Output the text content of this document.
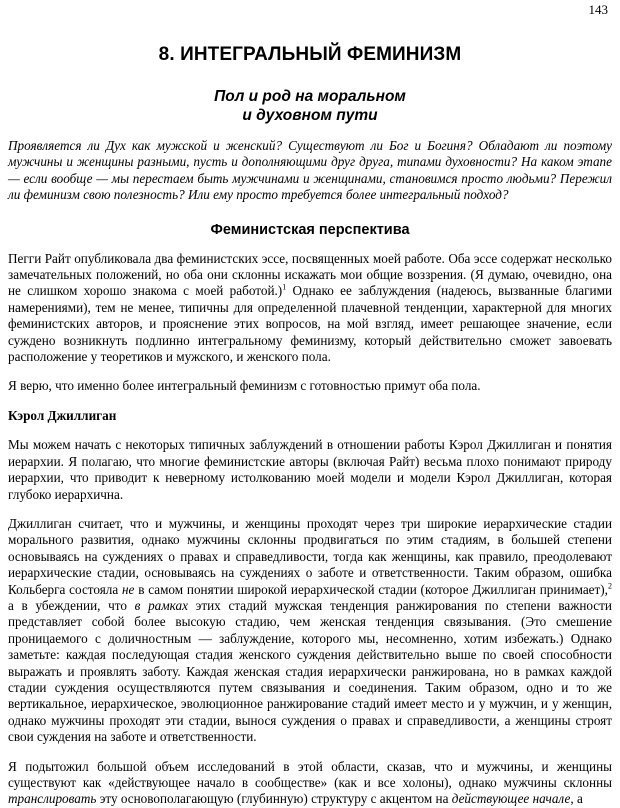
143
8. ИНТЕГРАЛЬНЫЙ ФЕМИНИЗМ
Пол и род на моральном
и духовном пути

Проявляется ли Дух как мужской и женский? Существуют ли Бог и Богиня? Обладают ли поэтому мужчины и женщины разными, пусть и дополняющими друг друга, типами духовности? На каком этапе — если вообще — мы перестаем быть мужчинами и женщинами, становимся просто людьми? Пережил ли феминизм свою полезность? Или ему просто требуется более интегральный подход?

Феминистская перспектива

Пегги Райт опубликовала два феминистских эссе, посвященных моей работе. Оба эссе содержат несколько замечательных положений, но оба они склонны искажать мои общие воззрения. (Я думаю, очевидно, она не слишком хорошо знакома с моей работой.)$^1$ Однако ее заблуждения (надеюсь, вызванные благими намерениями), тем не менее, типичны для определенной плачевной тенденции, характерной для многих феминистских авторов, и прояснение этих вопросов, на мой взгляд, имеет решающее значение, если суждено возникнуть подлинно интегральному феминизму, который действительно сможет завоевать расположение у теоретиков и мужского, и женского пола.

Я верю, что именно более интегральный феминизм с готовностью примут оба пола.

Кэрол Джиллиган

Мы можем начать с некоторых типичных заблуждений в отношении работы Кэрол Джиллиган и понятия иерархии. Я полагаю, что многие феминистские авторы (включая Райт) весьма плохо понимают природу иерархии, что приводит к неверному истолкованию моей модели и модели Кэрол Джиллиган, которая глубоко иерархична.

Джиллиган считает, что и мужчины, и женщины проходят через три широкие иерархические стадии морального развития, однако мужчины склонны продвигаться по этим стадиям, в большей степени основываясь на суждениях о правах и справедливости, тогда как женщины, как правило, преодолевают иерархические стадии, основываясь на суждениях о заботе и ответственности. Таким образом, ошибка Кольберга состояла не в самом понятии широкой иерархической стадии (которое Джиллиган принимает),$^2$ а в убеждении, что в рамках этих стадий мужская тенденция ранжирования по степени важности представляет собой более высокую стадию, чем женская тенденция связывания. (Это смешение проницаемого с доличностным — заблуждение, которого мы, несомненно, хотим избежать.) Однако заметьте: каждая последующая стадия женского суждения действительно выше по своей способности выражать и проявлять заботу. Каждая женская стадия иерархически ранжирована, но в рамках каждой стадии суждения осуществляются путем связывания и соединения. Таким образом, одно и то же вертикальное, иерархическое, эволюционное ранжирование стадий имеет место и у мужчин, и у женщин, однако мужчины проходят эти стадии, вынося суждения о правах и справедливости, а женщины строят свои суждения на заботе и ответственности.

Я подытожил большой объем исследований в этой области, сказав, что и мужчины, и женщины существуют как «действующее начало в сообществе» (как и все холоны), однако мужчины склонны транслировать эту основополагающую (глубинную) структуру с акцентом на действующее начале, а
